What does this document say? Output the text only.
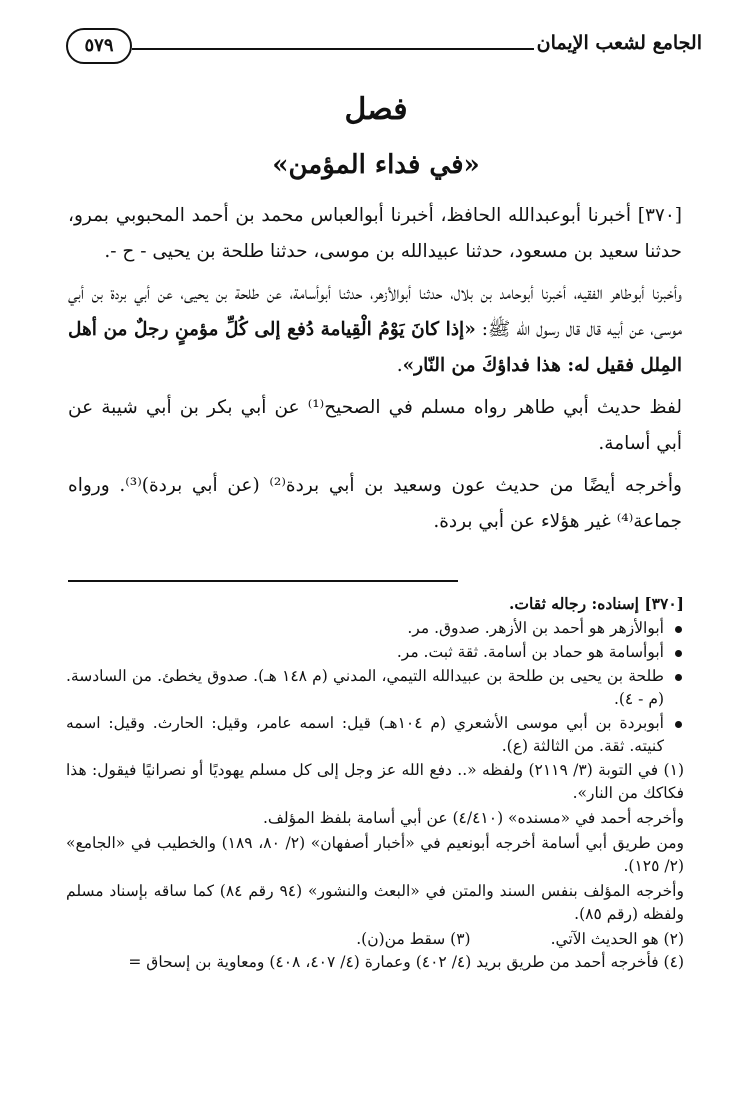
الجامع لشعب الإيمان
٥٧٩
فصل
«في فداء المؤمن»

[٣٧٠] أخبرنا أبوعبدالله الحافظ، أخبرنا أبوالعباس محمد بن أحمد المحبوبي بمرو، حدثنا سعيد بن مسعود، حدثنا عبيدالله بن موسى، حدثنا طلحة بن يحيى - ح -.

وأخبرنا أبوطاهر الفقيه، أخبرنا أبوحامد بن بلال، حدثنا أبوالأزهر، حدثنا أبوأسامة، عن طلحة بن يحيى، عن أبي بردة بن أبي موسى، عن أبيه قال قال رسول الله ﷺ: «إذا كانَ يَوْمُ الْقِيامة دُفع إلى كُلِّ مؤمنٍ رجلٌ من أهل المِلل فقيل له: هذا فداؤكَ من النّار».

لفظ حديث أبي طاهر رواه مسلم في الصحيح⁽¹⁾ عن أبي بكر بن أبي شيبة عن أبي أسامة.

وأخرجه أيضًا من حديث عون وسعيد بن أبي بردة⁽²⁾ (عن أبي بردة)⁽³⁾. ورواه جماعة⁽⁴⁾ غير هؤلاء عن أبي بردة.

[٣٧٠] إسناده: رجاله ثقات.

أبوالأزهر هو أحمد بن الأزهر. صدوق. مر.
أبوأسامة هو حماد بن أسامة. ثقة ثبت. مر.
طلحة بن يحيى بن طلحة بن عبيدالله التيمي، المدني (م ١٤٨ هـ). صدوق يخطئ. من السادسة. (م - ٤).
أبوبردة بن أبي موسى الأشعري (م ١٠٤هـ) قيل: اسمه عامر، وقيل: الحارث. وقيل: اسمه كنيته. ثقة. من الثالثة (ع).

(١) في التوبة (٣/ ٢١١٩) ولفظه «.. دفع الله عز وجل إلى كل مسلم يهوديًا أو نصرانيًا فيقول: هذا فكاكك من النار».

وأخرجه أحمد في «مسنده» (٤/٤١٠) عن أبي أسامة بلفظ المؤلف.

ومن طريق أبي أسامة أخرجه أبونعيم في «أخبار أصفهان» (٢/ ٨٠، ١٨٩) والخطيب في «الجامع» (٢/ ١٢٥).

وأخرجه المؤلف بنفس السند والمتن في «البعث والنشور» (٩٤ رقم ٨٤) كما ساقه بإسناد مسلم ولفظه (رقم ٨٥).

(٢) هو الحديث الآتي.
(٣) سقط من(ن).

(٤) فأخرجه أحمد من طريق بريد (٤/ ٤٠٢) وعمارة (٤/ ٤٠٧، ٤٠٨) ومعاوية بن إسحاق =
